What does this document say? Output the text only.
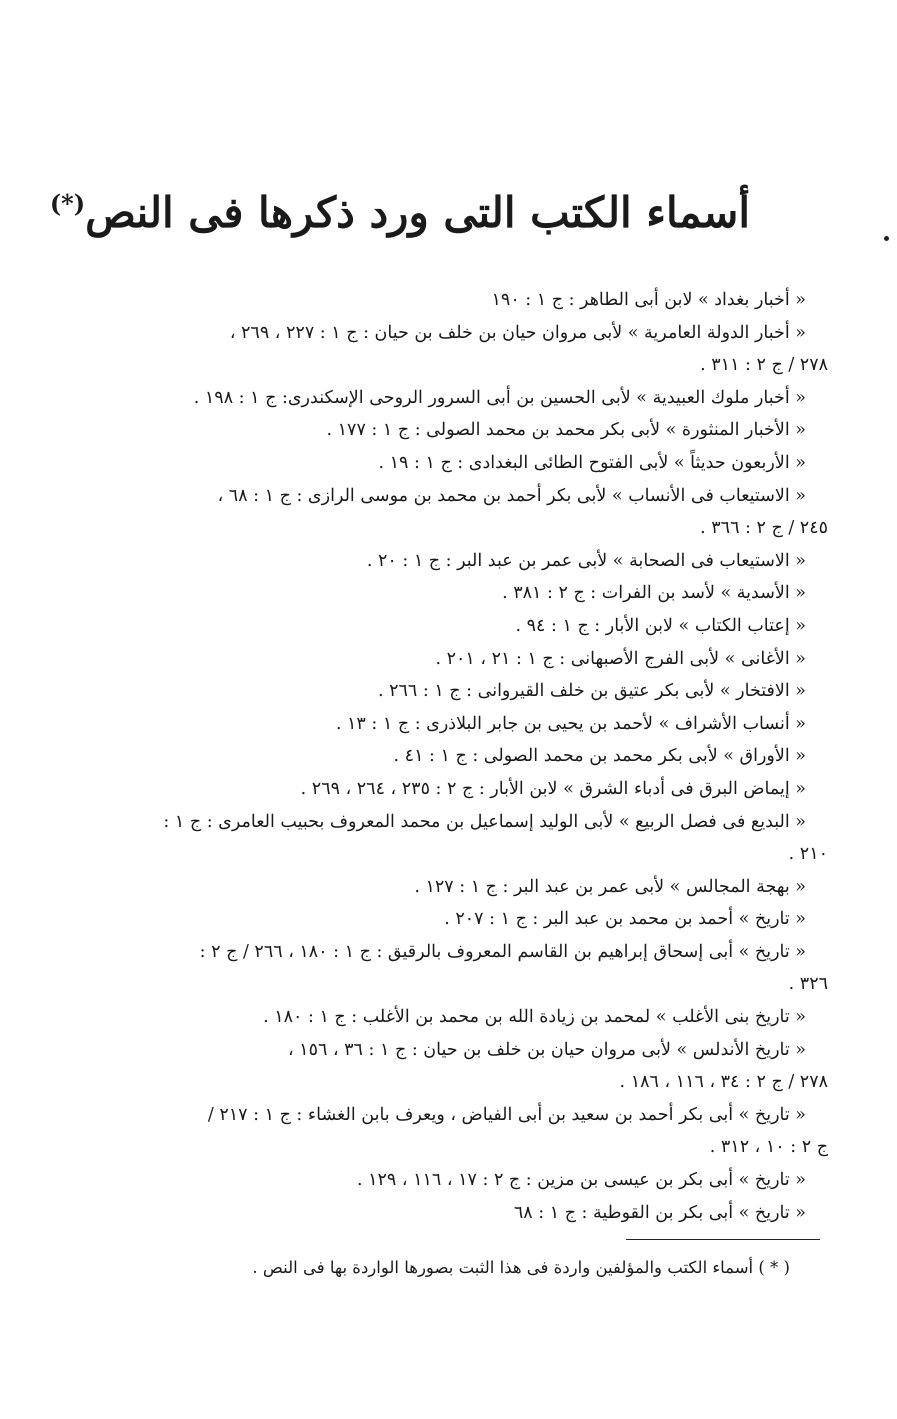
أسماء الكتب التى ورد ذكرها فى النص(*)
« أخبار بغداد » لابن أبى الطاهر : ج ١ : ١٩٠
« أخبار الدولة العامرية » لأبى مروان حيان بن خلف بن حيان : ج ١ : ٢٢٧ ، ٢٦٩ ،
٢٧٨ / ج ٢ : ٣١١ .
« أخبار ملوك العبيدية » لأبى الحسين بن أبى السرور الروحى الإسكندرى: ج ١ : ١٩٨ .
« الأخبار المنثورة » لأبى بكر محمد بن محمد الصولى : ج ١ : ١٧٧ .
« الأربعون حديثاً » لأبى الفتوح الطائى البغدادى : ج ١ : ١٩ .
« الاستيعاب فى الأنساب » لأبى بكر أحمد بن محمد بن موسى الرازى : ج ١ : ٦٨ ،
٢٤٥ / ج ٢ : ٣٦٦ .
« الاستيعاب فى الصحابة » لأبى عمر بن عبد البر : ج ١ : ٢٠ .
« الأسدية » لأسد بن الفرات : ج ٢ : ٣٨١ .
« إعتاب الكتاب » لابن الأبار : ج ١ : ٩٤ .
« الأغانى » لأبى الفرج الأصبهانى : ج ١ : ٢١ ، ٢٠١ .
« الافتخار » لأبى بكر عتيق بن خلف القيروانى : ج ١ : ٢٦٦ .
« أنساب الأشراف » لأحمد بن يحيى بن جابر البلاذرى : ج ١ : ١٣ .
« الأوراق » لأبى بكر محمد بن محمد الصولى : ج ١ : ٤١ .
« إيماض البرق فى أدباء الشرق » لابن الأبار : ج ٢ : ٢٣٥ ، ٢٦٤ ، ٢٦٩ .
« البديع فى فصل الربيع » لأبى الوليد إسماعيل بن محمد المعروف بحبيب العامرى : ج ١ :
٢١٠ .
« بهجة المجالس » لأبى عمر بن عبد البر : ج ١ : ١٢٧ .
« تاريخ » أحمد بن محمد بن عبد البر : ج ١ : ٢٠٧ .
« تاريخ » أبى إسحاق إبراهيم بن القاسم المعروف بالرقيق : ج ١ : ١٨٠ ، ٢٦٦ / ج ٢ :
٣٢٦ .
« تاريخ بنى الأغلب » لمحمد بن زيادة الله بن محمد بن الأغلب : ج ١ : ١٨٠ .
« تاريخ الأندلس » لأبى مروان حيان بن خلف بن حيان : ج ١ : ٣٦ ، ١٥٦ ،
٢٧٨ / ج ٢ : ٣٤ ، ١١٦ ، ١٨٦ .
« تاريخ » أبى بكر أحمد بن سعيد بن أبى الفياض ، ويعرف بابن الغشاء : ج ١ : ٢١٧ /
ج ٢ : ١٠ ، ٣١٢ .
« تاريخ » أبى بكر بن عيسى بن مزين : ج ٢ : ١٧ ، ١١٦ ، ١٢٩ .
« تاريخ » أبى بكر بن القوطية : ج ١ : ٦٨
( * ) أسماء الكتب والمؤلفين واردة فى هذا الثبت بصورها الواردة بها فى النص .
